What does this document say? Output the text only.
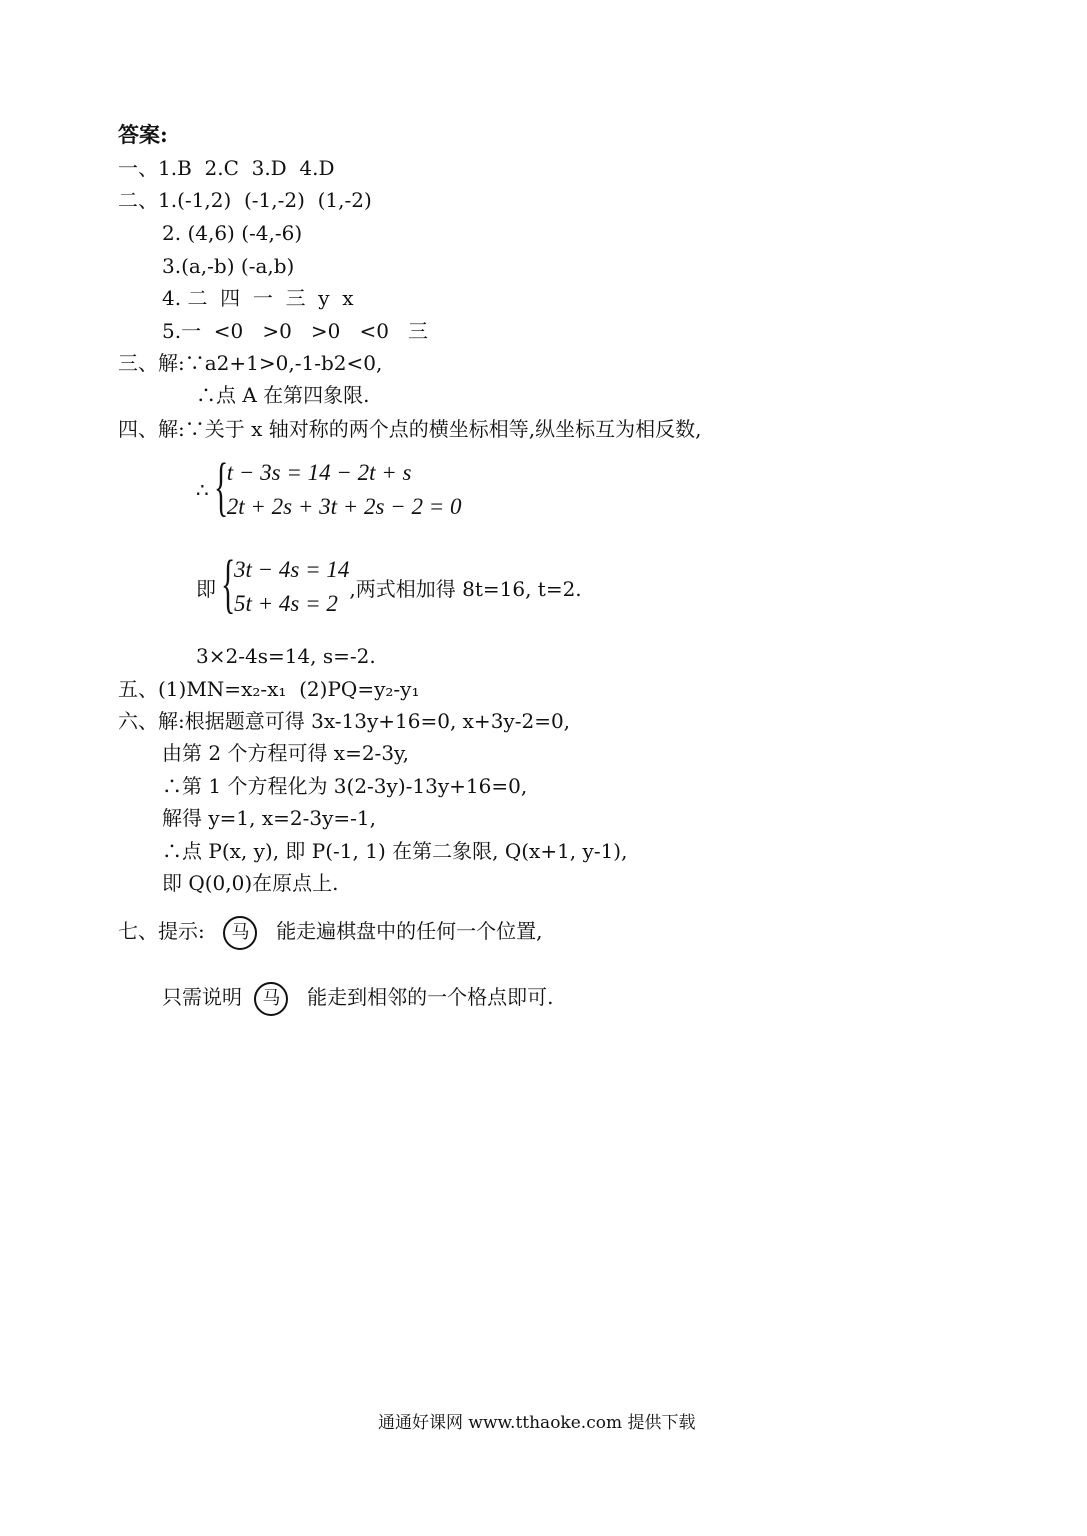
答案:
一、1.B  2.C  3.D  4.D
二、1.(-1,2)  (-1,-2)  (1,-2)
2. (4,6) (-4,-6)
3.(a,-b) (-a,b)
4. 二  四  一  三  y  x
5.一  <0   >0   >0   <0   三
三、解:∵a2+1>0,-1-b2<0,
∴点 A 在第四象限.
四、解:∵关于 x 轴对称的两个点的横坐标相等,纵坐标互为相反数,
∴ {
t − 3s = 14 − 2t + s
2t + 2s + 3t + 2s − 2 = 0
即 {
3t − 4s = 14
5t + 4s = 2
,两式相加得 8t=16, t=2.
3×2-4s=14, s=-2.
五、(1)MN=x₂-x₁  (2)PQ=y₂-y₁
六、解:根据题意可得 3x-13y+16=0, x+3y-2=0,
由第 2 个方程可得 x=2-3y,
∴第 1 个方程化为 3(2-3y)-13y+16=0,
解得 y=1, x=2-3y=-1,
∴点 P(x, y), 即 P(-1, 1) 在第二象限, Q(x+1, y-1),
即 Q(0,0)在原点上.
七、提示: 马 能走遍棋盘中的任何一个位置,
只需说明 马 能走到相邻的一个格点即可.
通通好课网 www.tthaoke.com 提供下载
